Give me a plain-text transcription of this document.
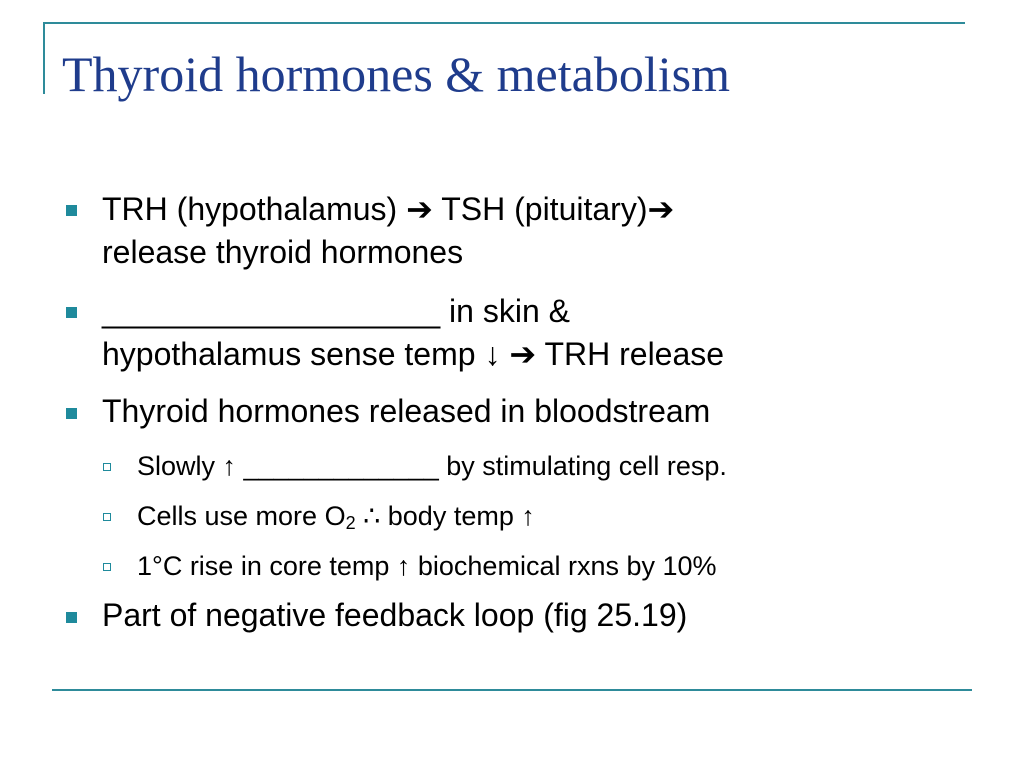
Thyroid hormones & metabolism
TRH (hypothalamus) ➔ TSH (pituitary)➔
release thyroid hormones
___________________ in skin &
hypothalamus sense temp ↓ ➔ TRH release
Thyroid hormones released in bloodstream
Slowly ↑ _____________ by stimulating cell resp.
Cells use more $O_2$ ∴ body temp ↑
1°C rise in core temp ↑ biochemical rxns by 10%
Part of negative feedback loop (fig 25.19)
